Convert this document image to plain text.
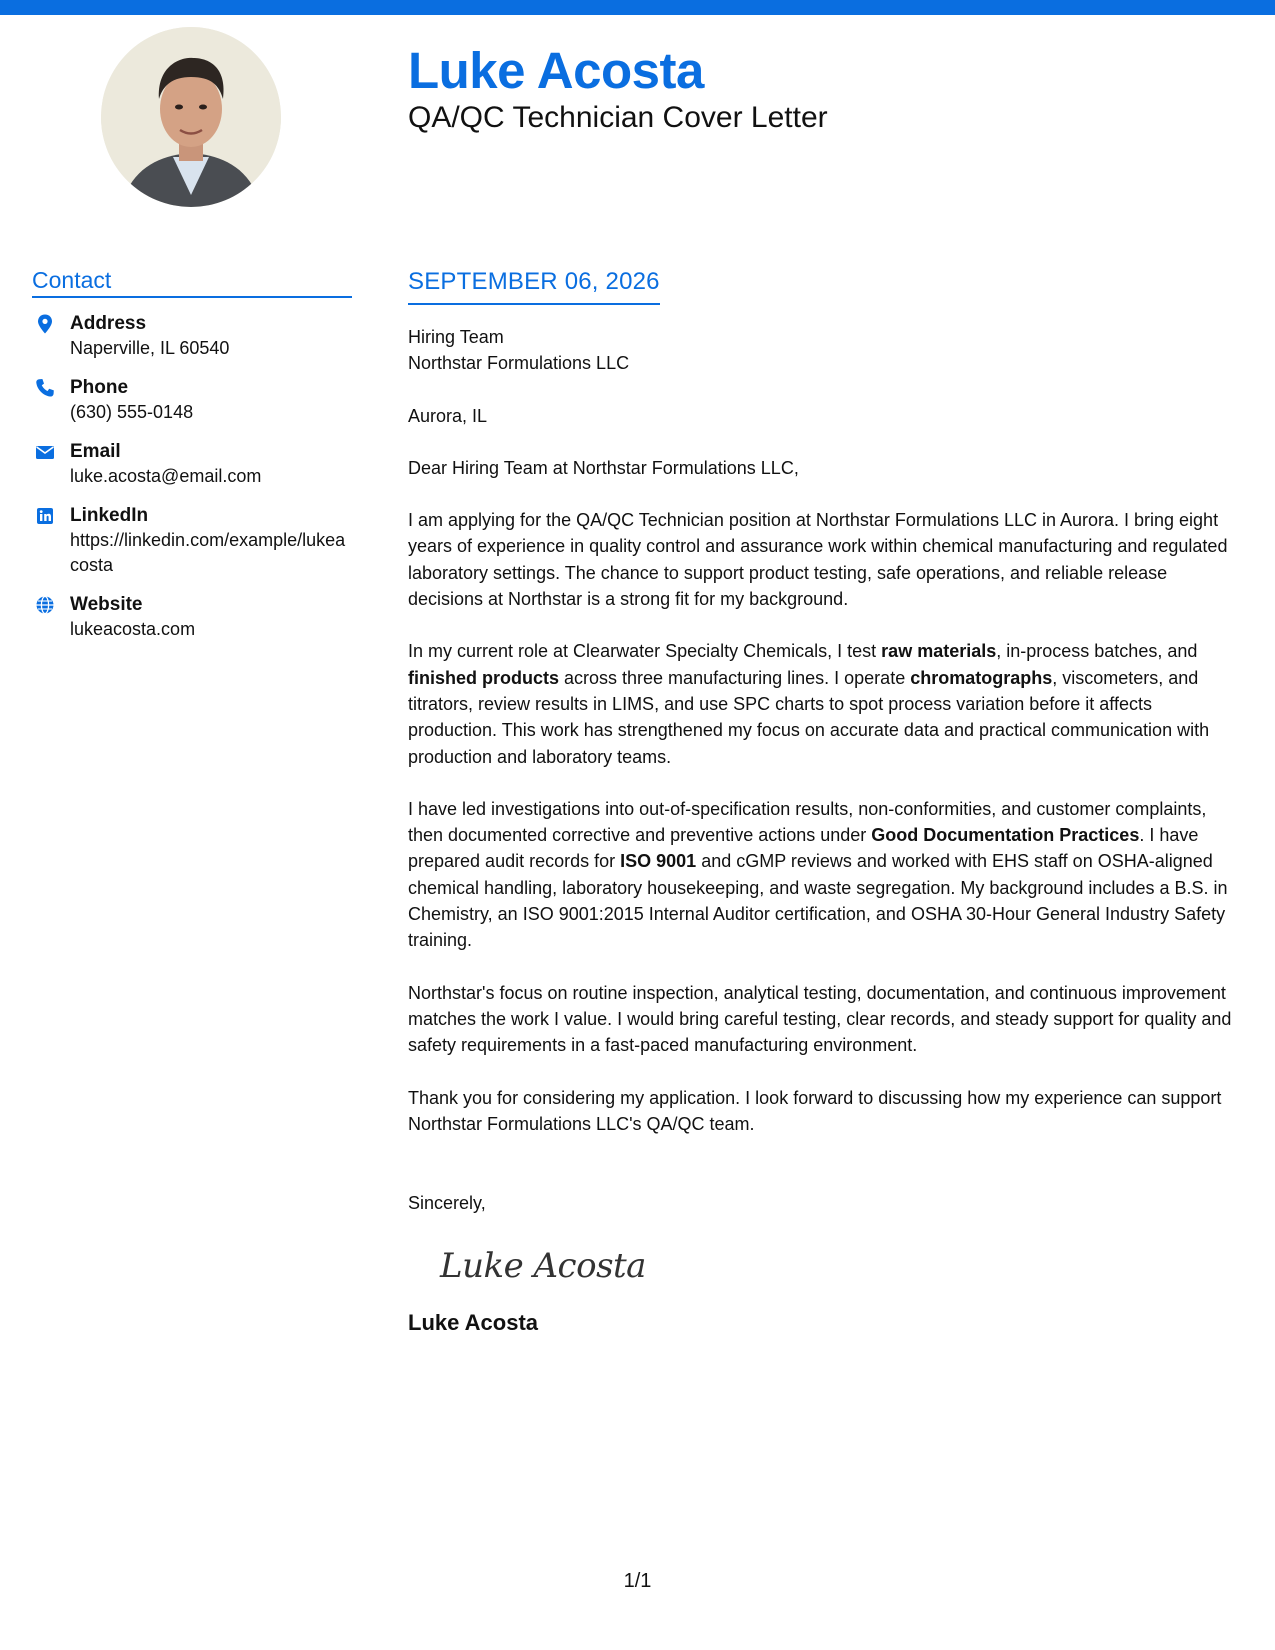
Luke Acosta
QA/QC Technician Cover Letter
Contact
Address
Naperville, IL 60540
Phone
(630) 555-0148
Email
luke.acosta@email.com
LinkedIn
https://linkedin.com/example/lukeacosta
Website
lukeacosta.com
SEPTEMBER 06, 2026
Hiring Team
Northstar Formulations LLC
Aurora, IL

Dear Hiring Team at Northstar Formulations LLC,

I am applying for the QA/QC Technician position at Northstar Formulations LLC in Aurora. I bring eight years of experience in quality control and assurance work within chemical manufacturing and regulated laboratory settings. The chance to support product testing, safe operations, and reliable release decisions at Northstar is a strong fit for my background.

In my current role at Clearwater Specialty Chemicals, I test raw materials, in-process batches, and finished products across three manufacturing lines. I operate chromatographs, viscometers, and titrators, review results in LIMS, and use SPC charts to spot process variation before it affects production. This work has strengthened my focus on accurate data and practical communication with production and laboratory teams.

I have led investigations into out-of-specification results, non-conformities, and customer complaints, then documented corrective and preventive actions under Good Documentation Practices. I have prepared audit records for ISO 9001 and cGMP reviews and worked with EHS staff on OSHA-aligned chemical handling, laboratory housekeeping, and waste segregation. My background includes a B.S. in Chemistry, an ISO 9001:2015 Internal Auditor certification, and OSHA 30-Hour General Industry Safety training.

Northstar's focus on routine inspection, analytical testing, documentation, and continuous improvement matches the work I value. I would bring careful testing, clear records, and steady support for quality and safety requirements in a fast-paced manufacturing environment.

Thank you for considering my application. I look forward to discussing how my experience can support Northstar Formulations LLC's QA/QC team.

Sincerely,
Luke Acosta
Luke Acosta
1/1
